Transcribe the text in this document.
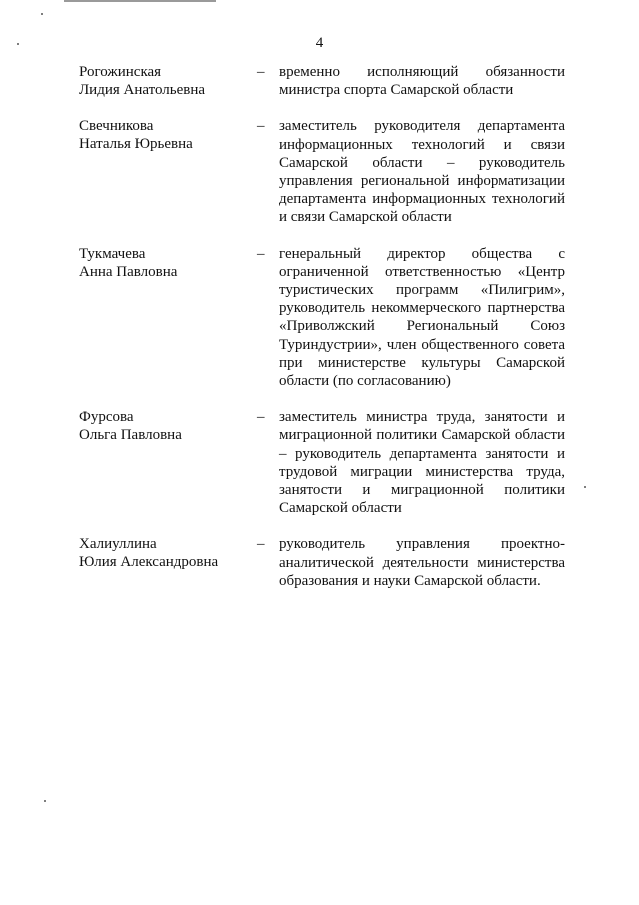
4
Рогожинская
Лидия Анатольевна
– временно исполняющий обязанности министра спорта Самарской области
Свечникова
Наталья Юрьевна
– заместитель руководителя департамента информационных технологий и связи Самарской области – руководитель управления региональной информатизации департамента информационных технологий и связи Самарской области
Тукмачева
Анна Павловна
– генеральный директор общества с ограниченной ответственностью «Центр туристических программ «Пилигрим», руководитель некоммерческого партнерства «Приволжский Региональный Союз Туриндустрии», член общественного совета при министерстве культуры Самарской области (по согласованию)
Фурсова
Ольга Павловна
– заместитель министра труда, занятости и миграционной политики Самарской области – руководитель департамента занятости и трудовой миграции министерства труда, занятости и миграционной политики Самарской области
Халиуллина
Юлия Александровна
– руководитель управления проектно-аналитической деятельности министерства образования и науки Самарской области.
